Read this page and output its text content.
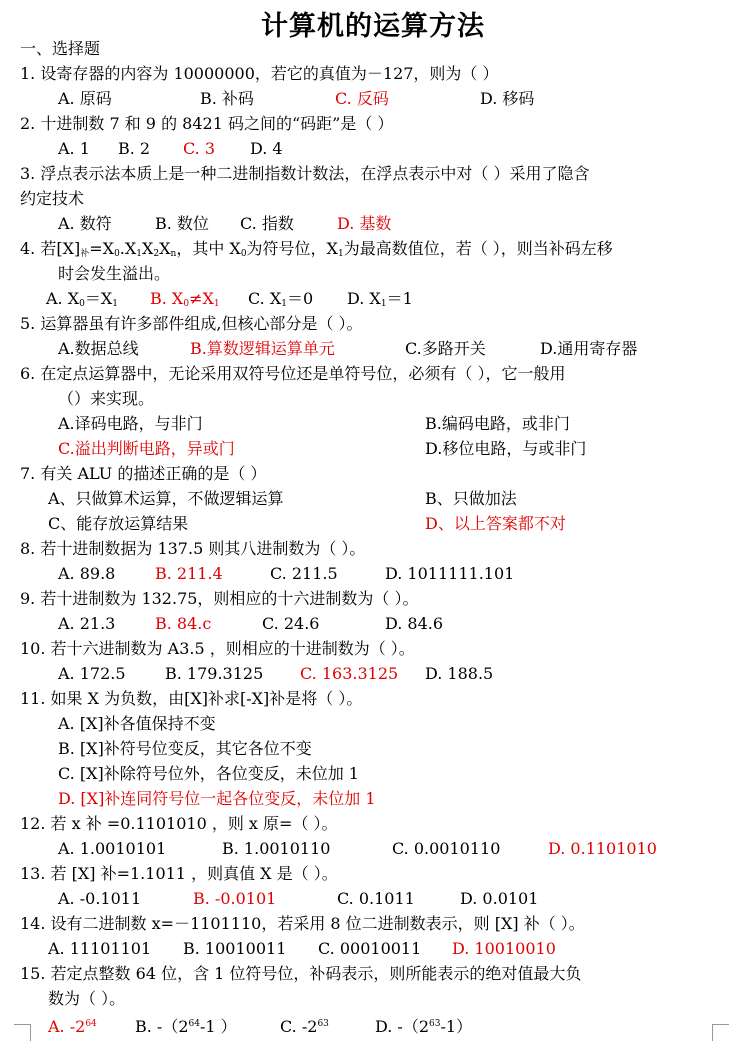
计算机的运算方法
一、选择题
1. 设寄存器的内容为 10000000，若它的真值为－127，则为（ ）
A. 原码	B. 补码	C. 反码	D. 移码
2. 十进制数 7 和 9 的 8421 码之间的“码距”是（ ）
A. 1 B. 2 C. 3 D. 4
3. 浮点表示法本质上是一种二进制指数计数法，在浮点表示中对（ ）采用了隐含
约定技术
A. 数符	B. 数位 C. 指数	D. 基数
4. 若$[X]_补=X_0.X_1X_2X_n$，其中 $X_0$为符号位，$X_1$为最高数值位，若（ ），则当补码左移
时会发生溢出。
A. $X_0=X_1$ B. $X_0\ne X_1$ C. $X_1=0$ D. $X_1=1$
5. 运算器虽有许多部件组成,但核心部分是（ ）。
A.数据总线	B.算数逻辑运算单元	C.多路开关	D.通用寄存器
6. 在定点运算器中，无论采用双符号位还是单符号位，必须有（ ），它一般用
（）来实现。
A.译码电路，与非门	B.编码电路，或非门
C.溢出判断电路，异或门	D.移位电路，与或非门
7. 有关 ALU 的描述正确的是（ ）
A、只做算术运算，不做逻辑运算	B、只做加法
C、能存放运算结果	D、以上答案都不对
8. 若十进制数据为 137.5 则其八进制数为（ ）。
A. 89.8 B. 211.4	C. 211.5	D. 1011111.101
9. 若十进制数为 132.75，则相应的十六进制数为（ ）。
A. 21.3 B. 84.c	C. 24.6	D. 84.6
10. 若十六进制数为 A3.5 ，则相应的十进制数为（ ）。
A. 172.5 B. 179.3125 C. 163.3125 D. 188.5
11. 如果 X 为负数，由[X]补求[-X]补是将（ ）。
A. [X]补各值保持不变
B. [X]补符号位变反，其它各位不变
C. [X]补除符号位外，各位变反，未位加 1
D. [X]补连同符号位一起各位变反，未位加 1
12. 若 x 补 =0.1101010 ，则 x 原=（ ）。
A. 1.0010101	B. 1.0010110	C. 0.0010110	D. 0.1101010
13. 若 [X] 补=1.1011 ，则真值 X 是（ ）。
A. -0.1011	B. -0.0101	C. 0.1011	D. 0.0101
14. 设有二进制数 x=－1101110，若采用 8 位二进制数表示，则 [X] 补（ ）。
A. 11101101 B. 10010011 C. 00010011 D. 10010010
15. 若定点整数 64 位，含 1 位符号位，补码表示，则所能表示的绝对值最大负
数为（ ）。
A. $-2^{64}$ B. $-(2^{64}-1$ ）	C. $-2^{63}$	D. $-(2^{63}-1)$
